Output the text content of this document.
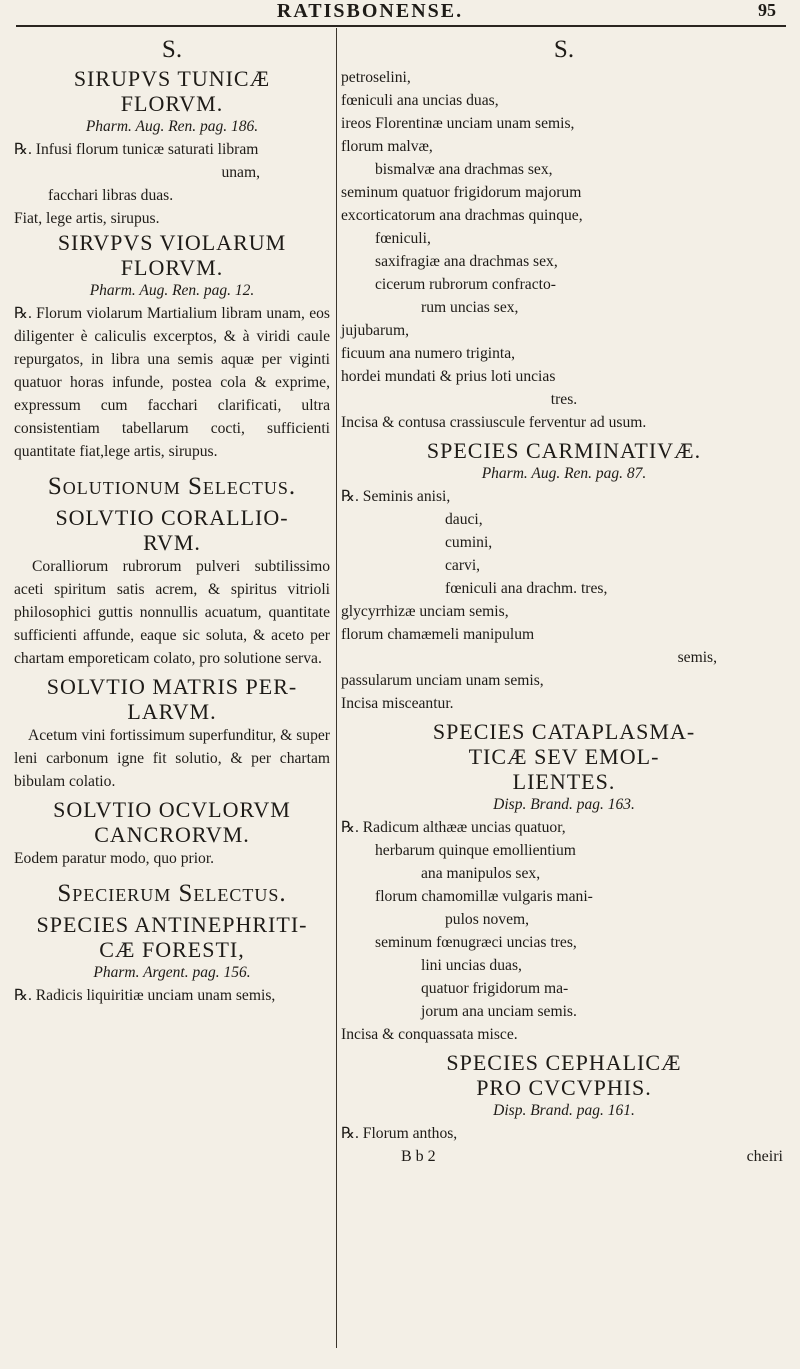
RATISBONENSE.	95
S.
SIRUPVS TUNICÆ
FLORVM.
Pharm. Aug. Ren. pag. 186.
℞. Infusi florum tunicæ saturati libram
unam,
facchari libras duas.
Fiat, lege artis, sirupus.
SIRVPVS VIOLARUM
FLORVM.
Pharm. Aug. Ren. pag. 12.
℞. Florum violarum Martialium libram unam, eos diligenter è caliculis excerptos, & à viridi caule repurgatos, in libra una semis aquæ per viginti quatuor horas infunde, postea cola & exprime, expressum cum facchari clarificati, ultra consistentiam tabellarum cocti, sufficienti quantitate fiat,lege artis, sirupus.
Solutionum Selectus.
SOLVTIO CORALLIO-
RVM.
Coralliorum rubrorum pulveri subtilissimo aceti spiritum satis acrem, & spiritus vitrioli philosophici guttis nonnullis acuatum, quantitate sufficienti affunde, eaque sic soluta, & aceto per chartam emporeticam colato, pro solutione serva.
SOLVTIO MATRIS PER-
LARVM.
Acetum vini fortissimum superfunditur, & super leni carbonum igne fit solutio, & per chartam bibulam colatio.
SOLVTIO OCVLORVM
CANCRORVM.
Eodem paratur modo, quo prior.
Specierum Selectus.
SPECIES ANTINEPHRITI-
CÆ FORESTI,
Pharm. Argent. pag. 156.
℞. Radicis liquiritiæ unciam unam semis,
S.
petroselini,
fœniculi ana uncias duas,
ireos Florentinæ unciam unam semis,
florum malvæ,
bismalvæ ana drachmas sex,
seminum quatuor frigidorum majorum
excorticatorum ana drachmas quinque,
fœniculi,
saxifragiæ ana drachmas sex,
cicerum rubrorum confracto-
rum uncias sex,
jujubarum,
ficuum ana numero triginta,
hordei mundati & prius loti uncias
tres.
Incisa & contusa crassiuscule ferventur ad usum.
SPECIES CARMINATIVÆ.
Pharm. Aug. Ren. pag. 87.
℞. Seminis anisi,
dauci,
cumini,
carvi,
fœniculi ana drachm. tres,
glycyrrhizæ unciam semis,
florum chamæmeli manipulum
semis,
passularum unciam unam semis,
Incisa misceantur.
SPECIES CATAPLASMA-
TICÆ SEV EMOL-
LIENTES.
Disp. Brand. pag. 163.
℞. Radicum althææ uncias quatuor,
herbarum quinque emollientium
ana manipulos sex,
florum chamomillæ vulgaris mani-
pulos novem,
seminum fœnugræci uncias tres,
lini uncias duas,
quatuor frigidorum ma-
jorum ana unciam semis.
Incisa & conquassata misce.
SPECIES CEPHALICÆ
PRO CVCVPHIS.
Disp. Brand. pag. 161.
℞. Florum anthos,
B b 2	cheiri
